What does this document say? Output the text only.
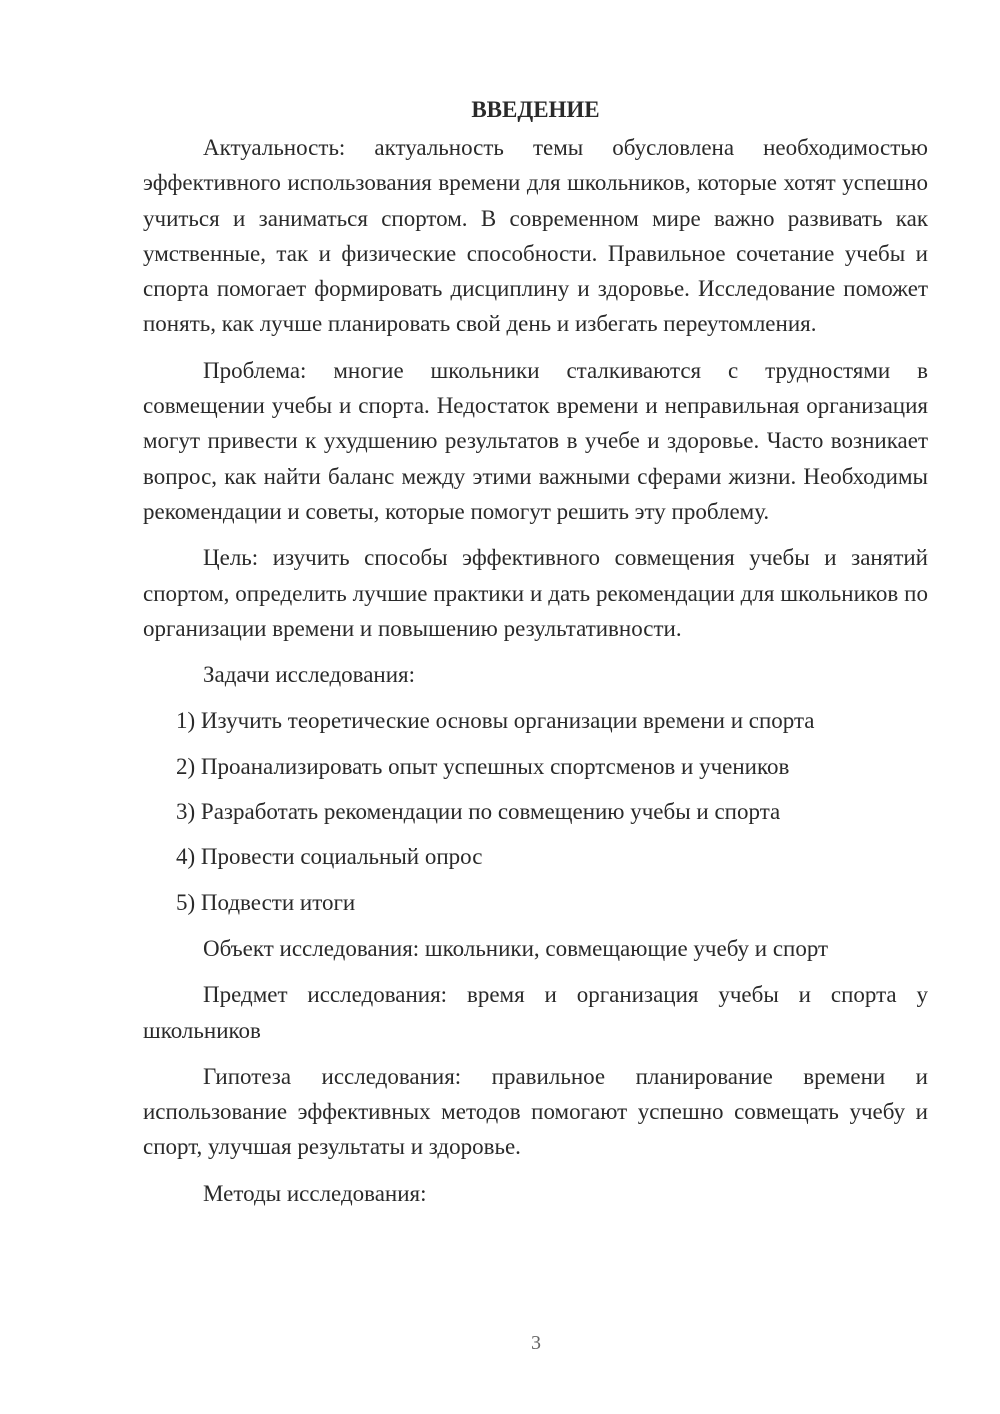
ВВЕДЕНИЕ

Актуальность: актуальность темы обусловлена необходимостью эффективного использования времени для школьников, которые хотят успешно учиться и заниматься спортом. В современном мире важно развивать как умственные, так и физические способности. Правильное сочетание учебы и спорта помогает формировать дисциплину и здоровье. Исследование поможет понять, как лучше планировать свой день и избегать переутомления.

Проблема: многие школьники сталкиваются с трудностями в совмещении учебы и спорта. Недостаток времени и неправильная организация могут привести к ухудшению результатов в учебе и здоровье. Часто возникает вопрос, как найти баланс между этими важными сферами жизни. Необходимы рекомендации и советы, которые помогут решить эту проблему.

Цель: изучить способы эффективного совмещения учебы и занятий спортом, определить лучшие практики и дать рекомендации для школьников по организации времени и повышению результативности.

Задачи исследования:

1) Изучить теоретические основы организации времени и спорта
2) Проанализировать опыт успешных спортсменов и учеников
3) Разработать рекомендации по совмещению учебы и спорта
4) Провести социальный опрос
5) Подвести итоги

Объект исследования: школьники, совмещающие учебу и спорт

Предмет исследования: время и организация учебы и спорта у школьников

Гипотеза исследования: правильное планирование времени и использование эффективных методов помогают успешно совмещать учебу и спорт, улучшая результаты и здоровье.

Методы исследования:

3
